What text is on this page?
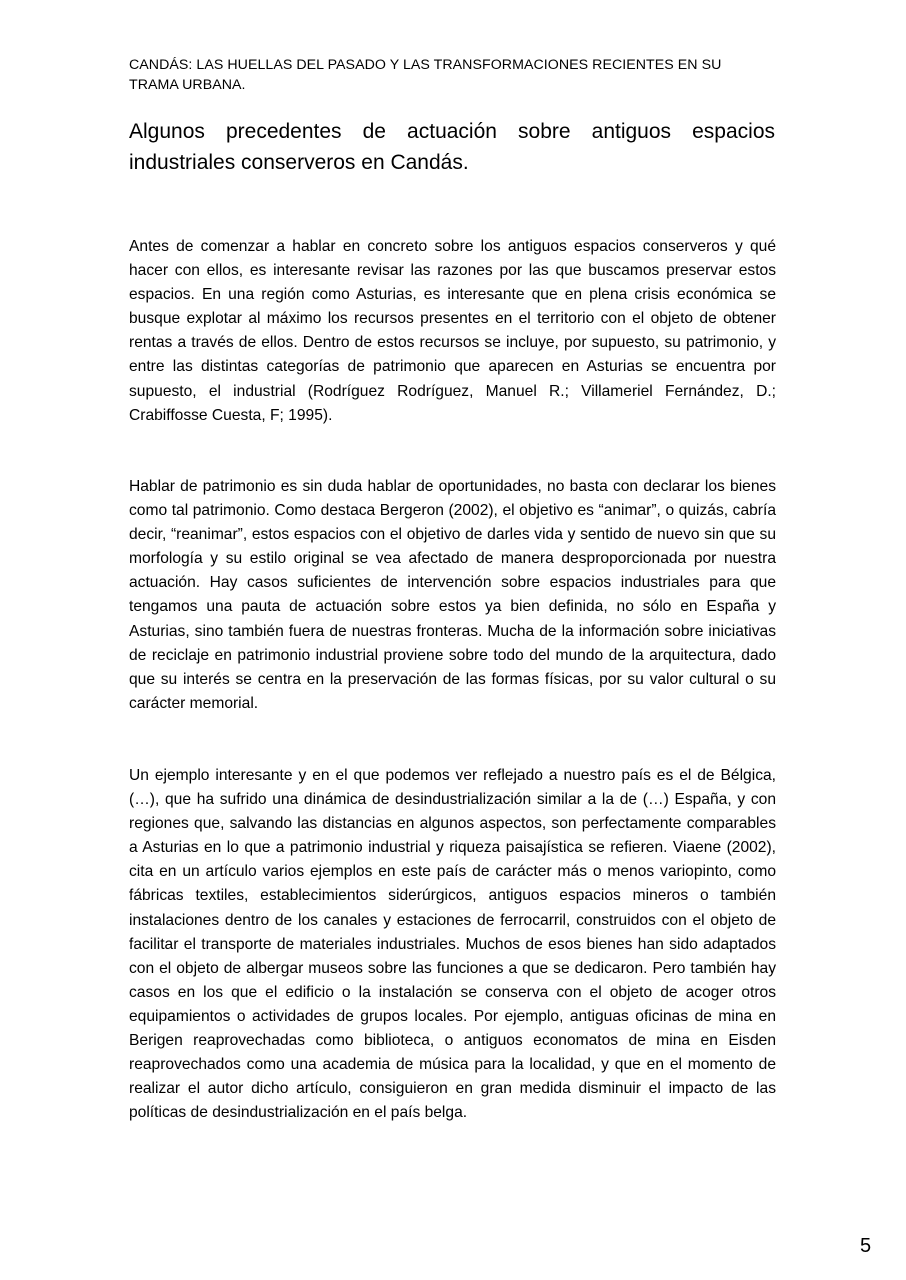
CANDÁS: LAS HUELLAS DEL PASADO Y LAS TRANSFORMACIONES RECIENTES EN SU TRAMA URBANA.
Algunos precedentes de actuación sobre antiguos espacios industriales conserveros en Candás.

Antes de comenzar a hablar en concreto sobre los antiguos espacios conserveros y qué hacer con ellos, es interesante revisar las razones por las que buscamos preservar estos espacios. En una región como Asturias, es interesante que en plena crisis económica se busque explotar al máximo los recursos presentes en el territorio con el objeto de obtener rentas a través de ellos. Dentro de estos recursos se incluye, por supuesto, su patrimonio, y entre las distintas categorías de patrimonio que aparecen en Asturias se encuentra por supuesto, el industrial (Rodríguez Rodríguez, Manuel R.; Villameriel Fernández, D.; Crabiffosse Cuesta, F; 1995).

Hablar de patrimonio es sin duda hablar de oportunidades, no basta con declarar los bienes como tal patrimonio. Como destaca Bergeron (2002), el objetivo es “animar”, o quizás, cabría decir, “reanimar”, estos espacios con el objetivo de darles vida y sentido de nuevo sin que su morfología y su estilo original se vea afectado de manera desproporcionada por nuestra actuación. Hay casos suficientes de intervención sobre espacios industriales para que tengamos una pauta de actuación sobre estos ya bien definida, no sólo en España y Asturias, sino también fuera de nuestras fronteras. Mucha de la información sobre iniciativas de reciclaje en patrimonio industrial proviene sobre todo del mundo de la arquitectura, dado que su interés se centra en la preservación de las formas físicas, por su valor cultural o su carácter memorial.

Un ejemplo interesante y en el que podemos ver reflejado a nuestro país es el de Bélgica, (…), que ha sufrido una dinámica de desindustrialización similar a la de (…) España, y con regiones que, salvando las distancias en algunos aspectos, son perfectamente comparables a Asturias en lo que a patrimonio industrial y riqueza paisajística se refieren. Viaene (2002), cita en un artículo varios ejemplos en este país de carácter más o menos variopinto, como fábricas textiles, establecimientos siderúrgicos, antiguos espacios mineros o también instalaciones dentro de los canales y estaciones de ferrocarril, construidos con el objeto de facilitar el transporte de materiales industriales. Muchos de esos bienes han sido adaptados con el objeto de albergar museos sobre las funciones a que se dedicaron. Pero también hay casos en los que el edificio o la instalación se conserva con el objeto de acoger otros equipamientos o actividades de grupos locales. Por ejemplo, antiguas oficinas de mina en Berigen reaprovechadas como biblioteca, o antiguos economatos de mina en Eisden reaprovechados como una academia de música para la localidad, y que en el momento de realizar el autor dicho artículo, consiguieron en gran medida disminuir el impacto de las políticas de desindustrialización en el país belga.

5
